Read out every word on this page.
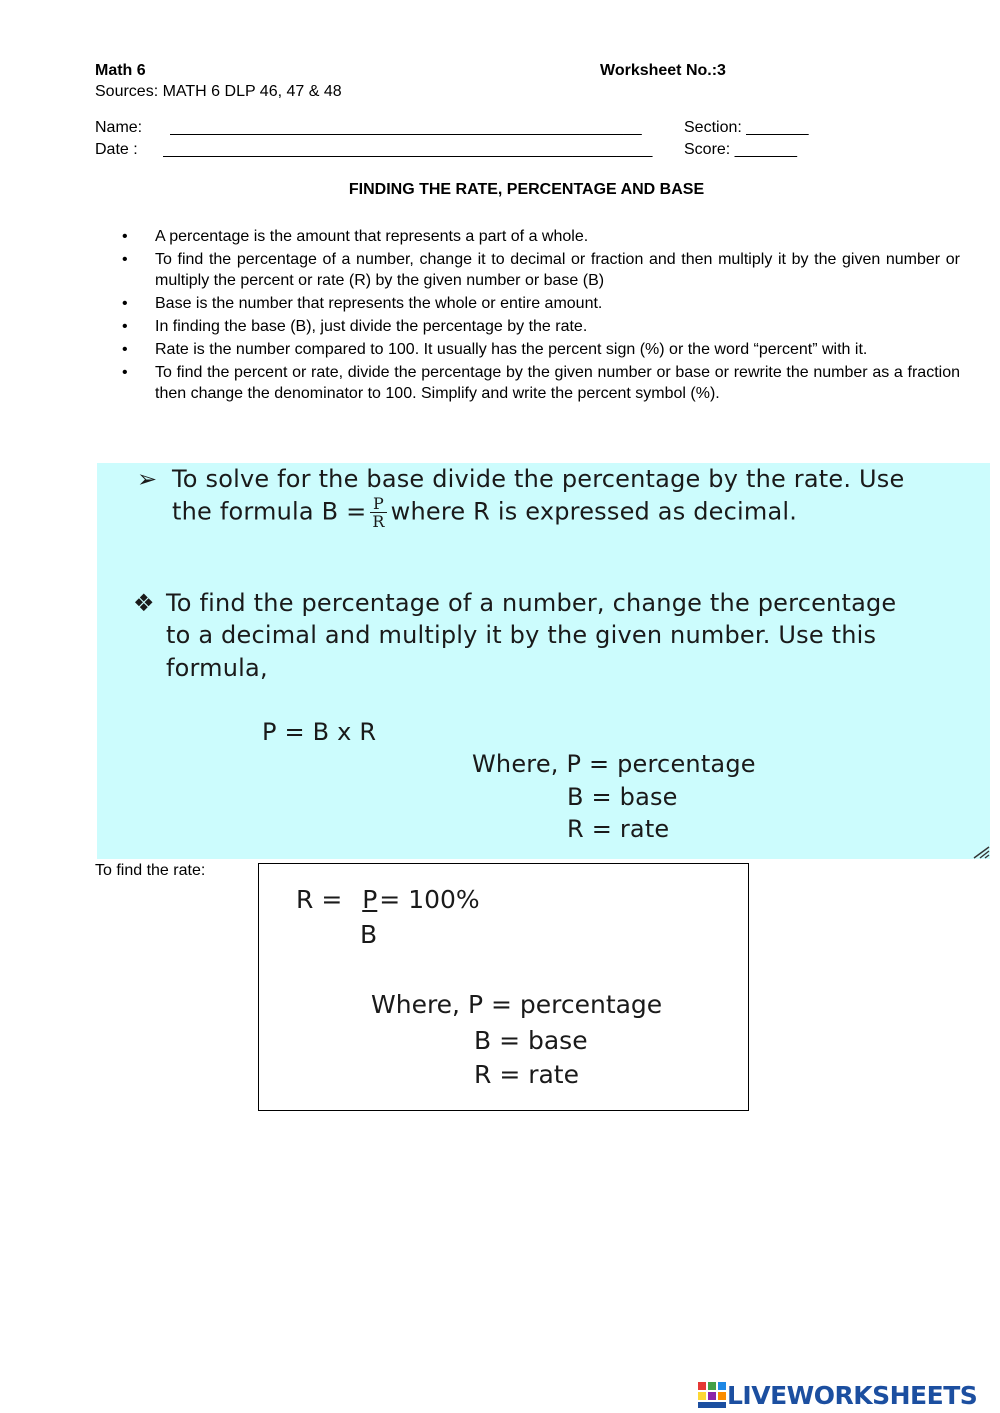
Math 6	Worksheet No.:3
Sources: MATH 6 DLP 46, 47 & 48
Name: _____________________________________________________	Section: _______
Date : _______________________________________________________	Score: _______
FINDING THE RATE, PERCENTAGE AND BASE
• A percentage is the amount that represents a part of a whole.
• To find the percentage of a number, change it to decimal or fraction and then multiply it by the given number or multiply the percent or rate (R) by the given number or base (B)
• Base is the number that represents the whole or entire amount.
• In finding the base (B), just divide the percentage by the rate.
• Rate is the number compared to 100. It usually has the percent sign (%) or the word “percent” with it.
• To find the percent or rate, divide the percentage by the given number or base or rewrite the number as a fraction then change the denominator to 100. Simplify and write the percent symbol (%).
➢ To solve for the base divide the percentage by the rate. Use
the formula $B = \frac{P}{R}$ where R is expressed as decimal.
❖ To find the percentage of a number, change the percentage
to a decimal and multiply it by the given number. Use this
formula,
P = B x R
Where, P = percentage
B = base
R = rate
To find the rate:
R = P= 100%
B
Where, P = percentage
B = base
R = rate
LIVEWORKSHEETS
